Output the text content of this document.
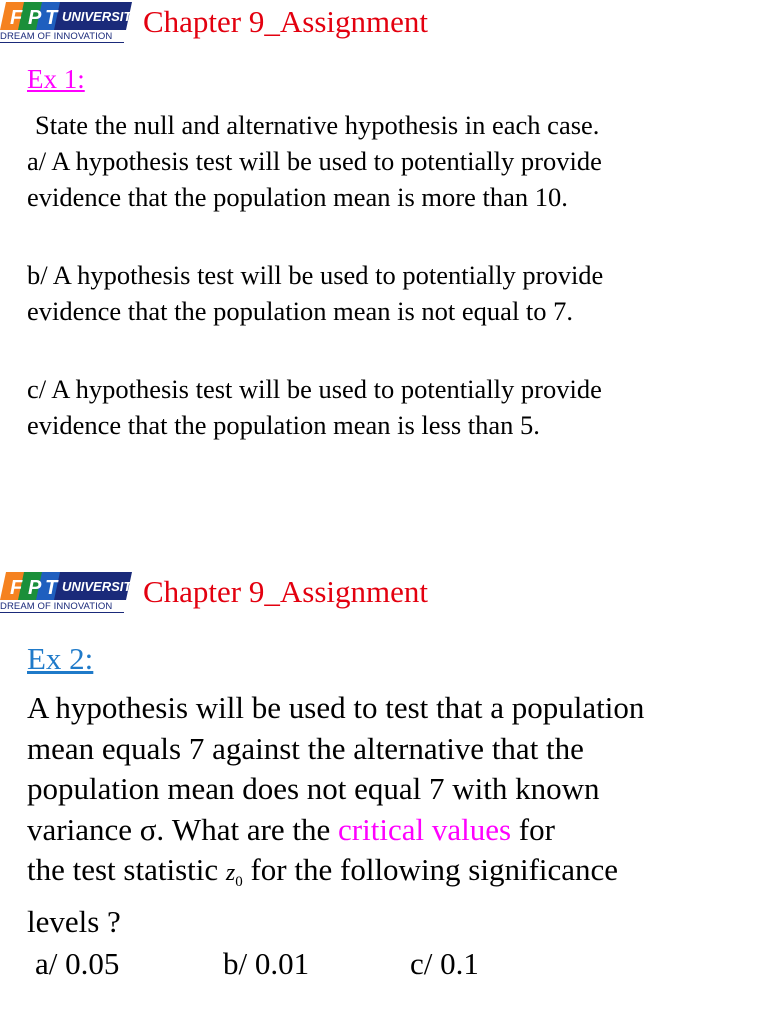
F P T UNIVERSITY
DREAM OF INNOVATION Chapter 9_Assignment
Ex 1:

State the null and alternative hypothesis in each case.

a/ A hypothesis test will be used to potentially provide

evidence that the population mean is more than 10.

b/ A hypothesis test will be used to potentially provide

evidence that the population mean is not equal to 7.

c/ A hypothesis test will be used to potentially provide

evidence that the population mean is less than 5.

F P T UNIVERSITY
DREAM OF INNOVATION Chapter 9_Assignment
Ex 2:

A hypothesis will be used to test that a population

mean equals 7 against the alternative that the

population mean does not equal 7 with known

variance σ. What are the critical values for

the test statistic $z_0$ for the following significance

levels ?

a/ 0.05	b/ 0.01	c/ 0.1
